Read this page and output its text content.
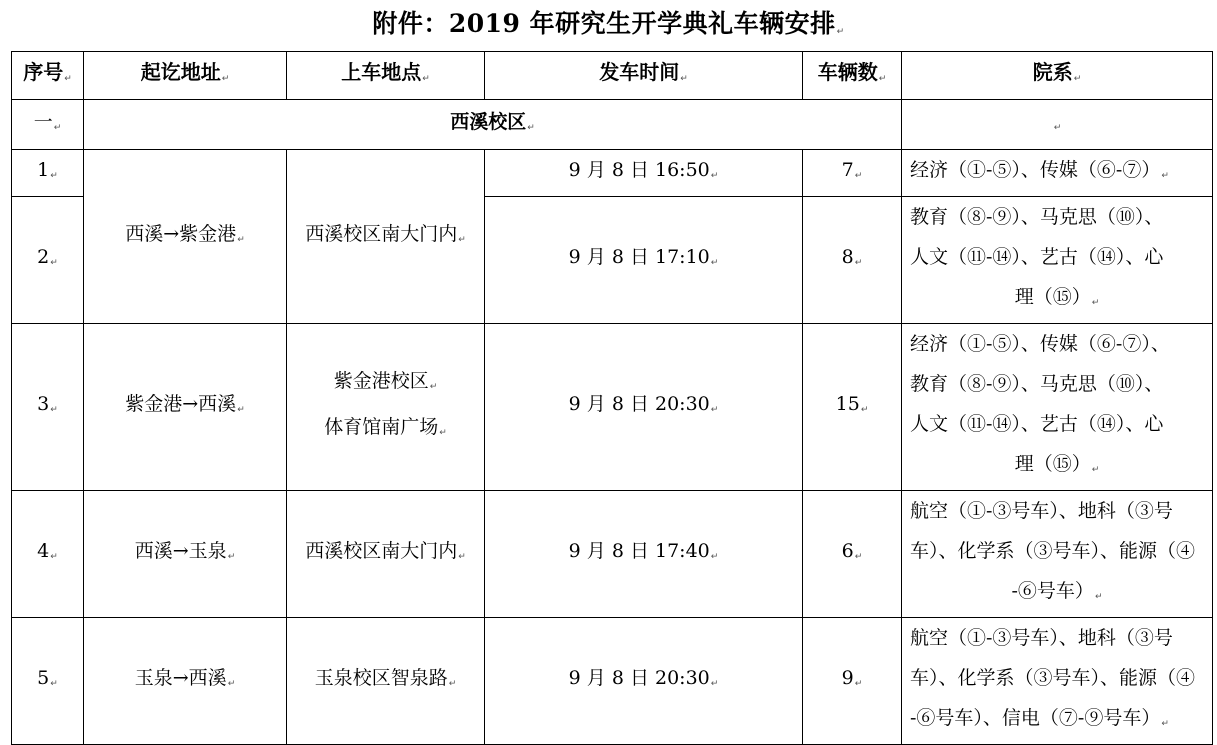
附件：2019 年研究生开学典礼车辆安排↵
序号↵	起讫地址↵	上车地点↵	发车时间↵	车辆数↵	院系↵
一↵	西溪校区↵				↵
1↵	西溪→紫金港↵	西溪校区南大门内↵	9 月 8 日 16:50↵	7↵	经济（①-⑤）、传媒（⑥-⑦）↵
2↵			9 月 8 日 17:10↵	8↵	教育（⑧-⑨）、马克思（⑩）、
人文（⑪-⑭）、艺古（⑭）、心

理（⑮）↵

3↵	紫金港→西溪↵	紫金港校区↵
体育馆南广场↵	9 月 8 日 20:30↵	15↵	经济（①-⑤）、传媒（⑥-⑦）、
教育（⑧-⑨）、马克思（⑩）、
人文（⑪-⑭）、艺古（⑭）、心

理（⑮）↵

4↵	西溪→玉泉↵	西溪校区南大门内↵	9 月 8 日 17:40↵	6↵	航空（①-③号车）、地科（③号
车）、化学系（③号车）、能源（④

-⑥号车）↵

5↵	玉泉→西溪↵	玉泉校区智泉路↵	9 月 8 日 20:30↵	9↵	航空（①-③号车）、地科（③号
车）、化学系（③号车）、能源（④
-⑥号车）、信电（⑦-⑨号车）↵
